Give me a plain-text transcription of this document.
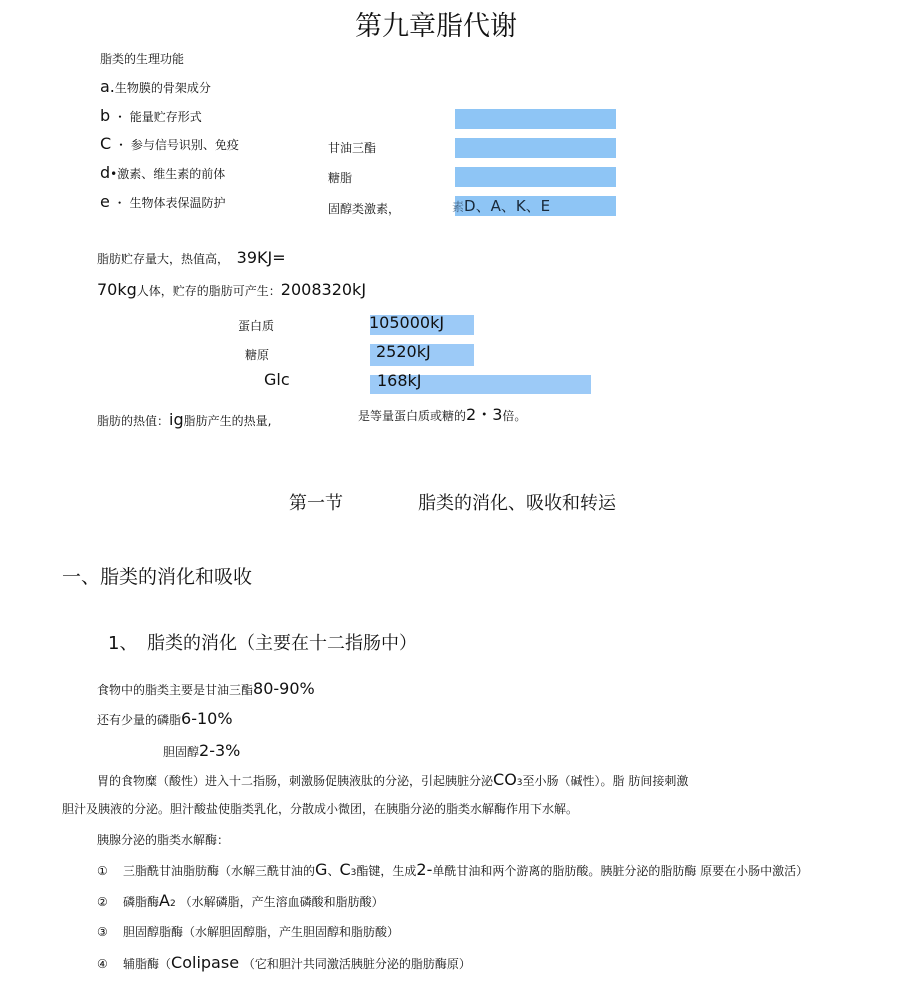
第九章脂代谢
脂类的生理功能
a.生物膜的骨架成分
b ・ 能量贮存形式
C ・ 参与信号识别、免疫
d•激素、维生素的前体
e ・ 生物体表保温防护
甘油三酯
糖脂
固醇类激素，	素D、A、K、E
脂肪贮存量大，热值高， 39KJ=
70kg人体，贮存的脂肪可产生：2008320kJ
蛋白质	105000kJ
糖原	2520kJ
Glc	168kJ
脂肪的热值：ig脂肪产生的热量,	是等量蛋白质或糖的2・3倍。
第一节	脂类的消化、吸收和转运
一、脂类的消化和吸收
1、 脂类的消化（主要在十二指肠中）
食物中的脂类主要是甘油三酯80-90%
还有少量的磷脂6-10%
胆固醇2-3%
胃的食物糜（酸性）进入十二指肠，刺激肠促胰液肽的分泌，引起胰脏分泌CO3至小肠（碱性）。脂 肪间接刺激
胆汁及胰液的分泌。胆汁酸盐使脂类乳化，分散成小微团，在胰脂分泌的脂类水解酶作用下水解。
胰腺分泌的脂类水解酶：
① 三脂酰甘油脂肪酶（水解三酰甘油的G、C3酯键，生成2-单酰甘油和两个游离的脂肪酸。胰脏分泌的脂肪酶 原要在小肠中激活）
② 磷脂酶A2 （水解磷脂，产生溶血磷酸和脂肪酸）
③ 胆固醇脂酶（水解胆固醇脂，产生胆固醇和脂肪酸）
④ 辅脂酶（Colipase （它和胆汁共同激活胰脏分泌的脂肪酶原）
